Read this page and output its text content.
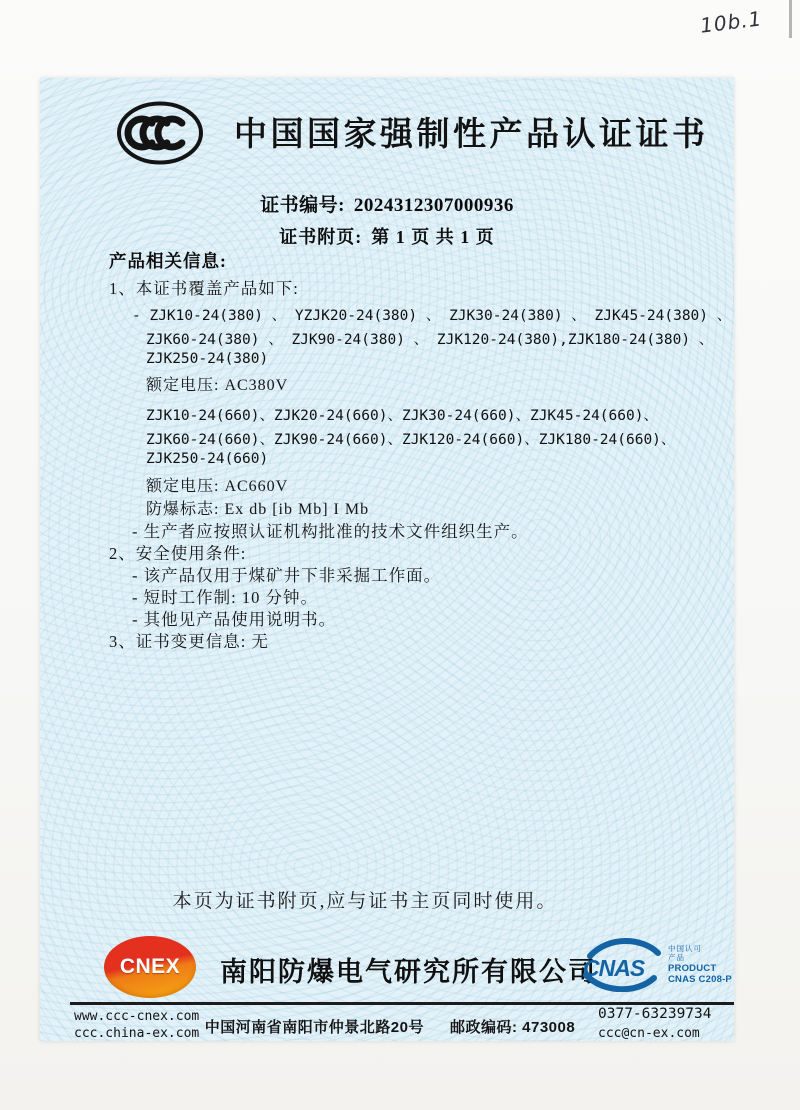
10b.1
中国国家强制性产品认证证书
证书编号: 2024312307000936
证书附页: 第 1 页 共 1 页
产品相关信息:
1、本证书覆盖产品如下:
- ZJK10-24(380) 、 YZJK20-24(380) 、 ZJK30-24(380) 、 ZJK45-24(380) 、
ZJK60-24(380) 、 ZJK90-24(380) 、 ZJK120-24(380),ZJK180-24(380) 、
ZJK250-24(380)
额定电压: AC380V
ZJK10-24(660)、ZJK20-24(660)、ZJK30-24(660)、ZJK45-24(660)、
ZJK60-24(660)、ZJK90-24(660)、ZJK120-24(660)、ZJK180-24(660)、
ZJK250-24(660)
额定电压: AC660V
防爆标志: Ex db [ib Mb] I Mb
- 生产者应按照认证机构批准的技术文件组织生产。
2、安全使用条件:
- 该产品仅用于煤矿井下非采掘工作面。
- 短时工作制: 10 分钟。
- 其他见产品使用说明书。
3、证书变更信息: 无
本页为证书附页,应与证书主页同时使用。
CNEX 南阳防爆电气研究所有限公司
CNAS
中国认可
产品
PRODUCT
CNAS C208-P
www.ccc-cnex.com
ccc.china-ex.com 中国河南省南阳市仲景北路20号 邮政编码: 473008
0377-63239734
ccc@cn-ex.com
